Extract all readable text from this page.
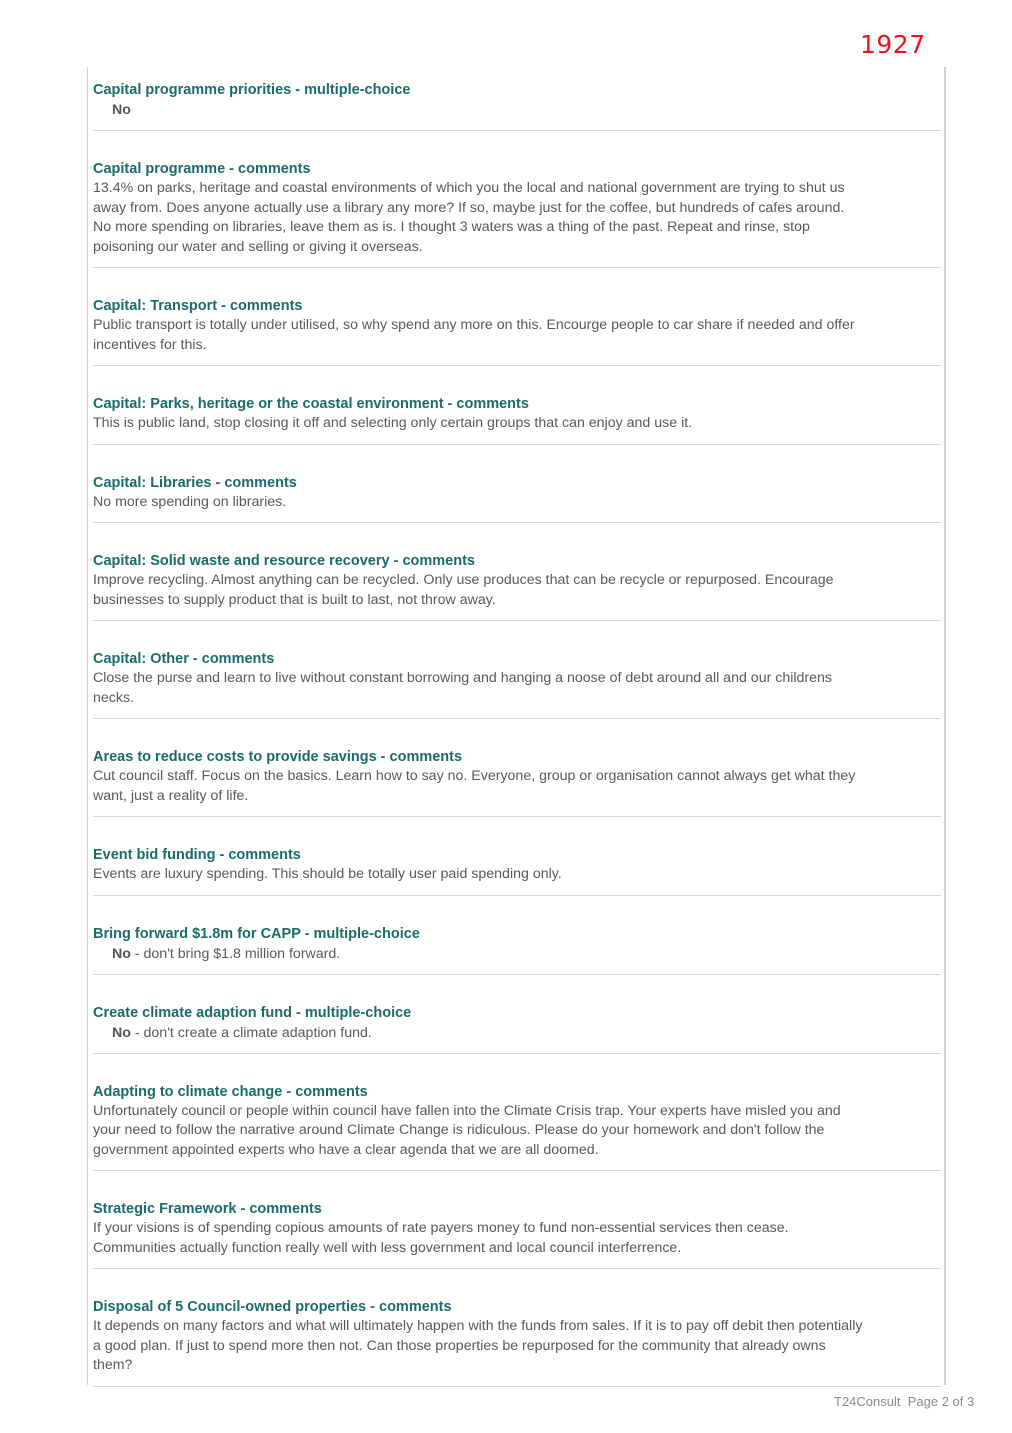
1927

Capital programme priorities - multiple-choice

No

Capital programme - comments

13.4% on parks, heritage and coastal environments of which you the local and national government are trying to shut us away from. Does anyone actually use a library any more? If so, maybe just for the coffee, but hundreds of cafes around. No more spending on libraries, leave them as is. I thought 3 waters was a thing of the past. Repeat and rinse, stop poisoning our water and selling or giving it overseas.

Capital: Transport - comments

Public transport is totally under utilised, so why spend any more on this. Encourge people to car share if needed and offer incentives for this.

Capital: Parks, heritage or the coastal environment - comments

This is public land, stop closing it off and selecting only certain groups that can enjoy and use it.

Capital: Libraries - comments

No more spending on libraries.

Capital: Solid waste and resource recovery - comments

Improve recycling. Almost anything can be recycled. Only use produces that can be recycle or repurposed. Encourage businesses to supply product that is built to last, not throw away.

Capital: Other - comments

Close the purse and learn to live without constant borrowing and hanging a noose of debt around all and our childrens necks.

Areas to reduce costs to provide savings - comments

Cut council staff. Focus on the basics. Learn how to say no. Everyone, group or organisation cannot always get what they want, just a reality of life.

Event bid funding - comments

Events are luxury spending. This should be totally user paid spending only.

Bring forward $1.8m for CAPP - multiple-choice

No - don't bring $1.8 million forward.

Create climate adaption fund - multiple-choice

No - don't create a climate adaption fund.

Adapting to climate change - comments

Unfortunately council or people within council have fallen into the Climate Crisis trap. Your experts have misled you and your need to follow the narrative around Climate Change is ridiculous. Please do your homework and don't follow the government appointed experts who have a clear agenda that we are all doomed.

Strategic Framework - comments

If your visions is of spending copious amounts of rate payers money to fund non-essential services then cease. Communities actually function really well with less government and local council interferrence.

Disposal of 5 Council-owned properties - comments

It depends on many factors and what will ultimately happen with the funds from sales. If it is to pay off debit then potentially a good plan. If just to spend more then not. Can those properties be repurposed for the community that already owns them?

T24Consult Page 2 of 3
